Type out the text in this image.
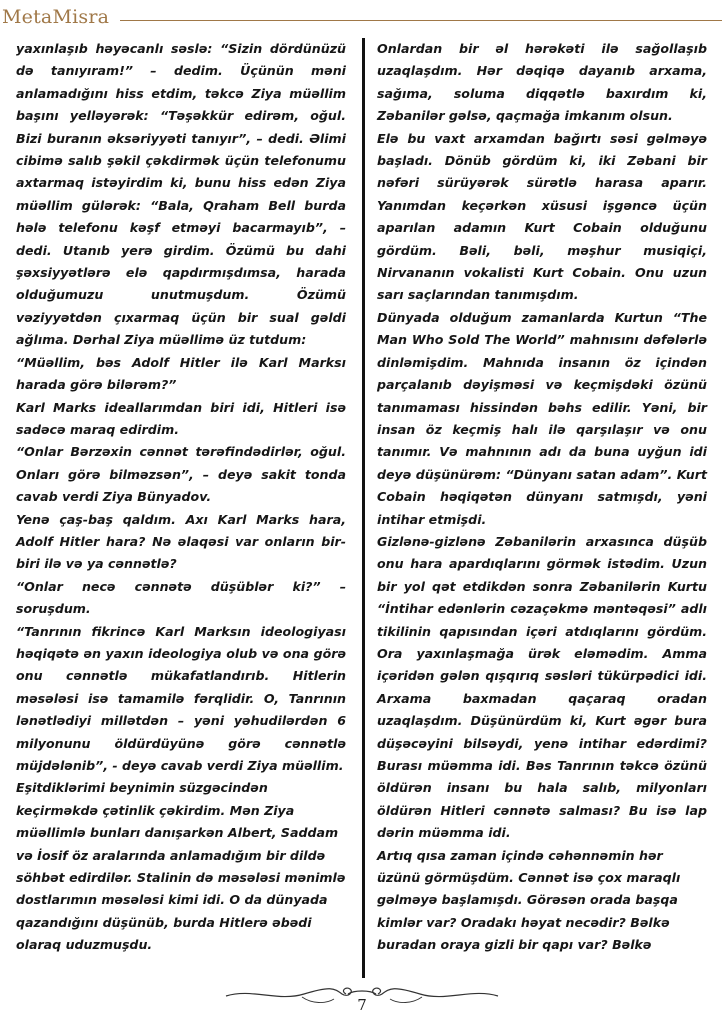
MetaMisra

yaxınlaşıb həyəcanlı səslə: “Sizin dördünüzü də tanıyıram!” – dedim. Üçünün məni anlamadığını hiss etdim, təkcə Ziya müəllim başını yelləyərək: “Təşəkkür edirəm, oğul. Bizi buranın əksəriyyəti tanıyır”, – dedi. Əlimi cibimə salıb şəkil çəkdirmək üçün telefonumu axtarmaq istəyirdim ki, bunu hiss edən Ziya müəllim gülərək: “Bala, Qraham Bell burda hələ telefonu kəşf etməyi bacarmayıb”, – dedi. Utanıb yerə girdim. Özümü bu dahi şəxsiyyətlərə elə qapdırmışdımsa, harada olduğumuzu unutmuşdum. Özümü vəziyyətdən çıxarmaq üçün bir sual gəldi ağlıma. Dərhal Ziya müəllimə üz tutdum:

“Müəllim, bəs Adolf Hitler ilə Karl Marksı harada görə bilərəm?”

Karl Marks ideallarımdan biri idi, Hitleri isə sadəcə maraq edirdim.

“Onlar Bərzəxin cənnət tərəfindədirlər, oğul. Onları görə bilməzsən”, – deyə sakit tonda cavab verdi Ziya Bünyadov.

Yenə çaş-baş qaldım. Axı Karl Marks hara, Adolf Hitler hara? Nə əlaqəsi var onların bir-biri ilə və ya cənnətlə?

“Onlar necə cənnətə düşüblər ki?” – soruşdum.

“Tanrının fikrincə Karl Marksın ideologiyası həqiqətə ən yaxın ideologiya olub və ona görə onu cənnətlə mükafatlandırıb. Hitlerin məsələsi isə tamamilə fərqlidir. O, Tanrının lənətlədiyi millətdən – yəni yəhudilərdən 6 milyonunu öldürdüyünə görə cənnətlə müjdələnib”, - deyə cavab verdi Ziya müəllim.

Eşitdiklərimi beynimin süzgəcindən keçirməkdə çətinlik çəkirdim. Mən Ziya müəllimlə bunları danışarkən Albert, Saddam və İosif öz aralarında anlamadığım bir dildə söhbət edirdilər. Stalinin də məsələsi mənimlə dostlarımın məsələsi kimi idi. O da dünyada qazandığını düşünüb, burda Hitlerə əbədi olaraq uduzmuşdu.

Onlardan bir əl hərəkəti ilə sağollaşıb uzaqlaşdım. Hər dəqiqə dayanıb arxama, sağıma, soluma diqqətlə baxırdım ki, Zəbanilər gəlsə, qaçmağa imkanım olsun.

Elə bu vaxt arxamdan bağırtı səsi gəlməyə başladı. Dönüb gördüm ki, iki Zəbani bir nəfəri sürüyərək sürətlə harasa aparır. Yanımdan keçərkən xüsusi işgəncə üçün aparılan adamın Kurt Cobain olduğunu gördüm. Bəli, bəli, məşhur musiqiçi, Nirvananın vokalisti Kurt Cobain. Onu uzun sarı saçlarından tanımışdım.

Dünyada olduğum zamanlarda Kurtun “The Man Who Sold The World” mahnısını dəfələrlə dinləmişdim. Mahnıda insanın öz içindən parçalanıb dəyişməsi və keçmişdəki özünü tanımaması hissindən bəhs edilir. Yəni, bir insan öz keçmiş halı ilə qarşılaşır və onu tanımır. Və mahnının adı da buna uyğun idi deyə düşünürəm: “Dünyanı satan adam”. Kurt Cobain həqiqətən dünyanı satmışdı, yəni intihar etmişdi.

Gizlənə-gizlənə Zəbanilərin arxasınca düşüb onu hara apardıqlarını görmək istədim. Uzun bir yol qət etdikdən sonra Zəbanilərin Kurtu “İntihar edənlərin cəzaçəkmə məntəqəsi” adlı tikilinin qapısından içəri atdıqlarını gördüm. Ora yaxınlaşmağa ürək eləmədim. Amma içəridən gələn qışqırıq səsləri tükürpədici idi. Arxama baxmadan qaçaraq oradan uzaqlaşdım. Düşünürdüm ki, Kurt əgər bura düşəcəyini bilsəydi, yenə intihar edərdimi? Burası müəmma idi. Bəs Tanrının təkcə özünü öldürən insanı bu hala salıb, milyonları öldürən Hitleri cənnətə salması? Bu isə lap dərin müəmma idi.

Artıq qısa zaman içində cəhənnəmin hər üzünü görmüşdüm. Cənnət isə çox maraqlı gəlməyə başlamışdı. Görəsən orada başqa kimlər var? Oradakı həyat necədir? Bəlkə buradan oraya gizli bir qapı var? Bəlkə

7
